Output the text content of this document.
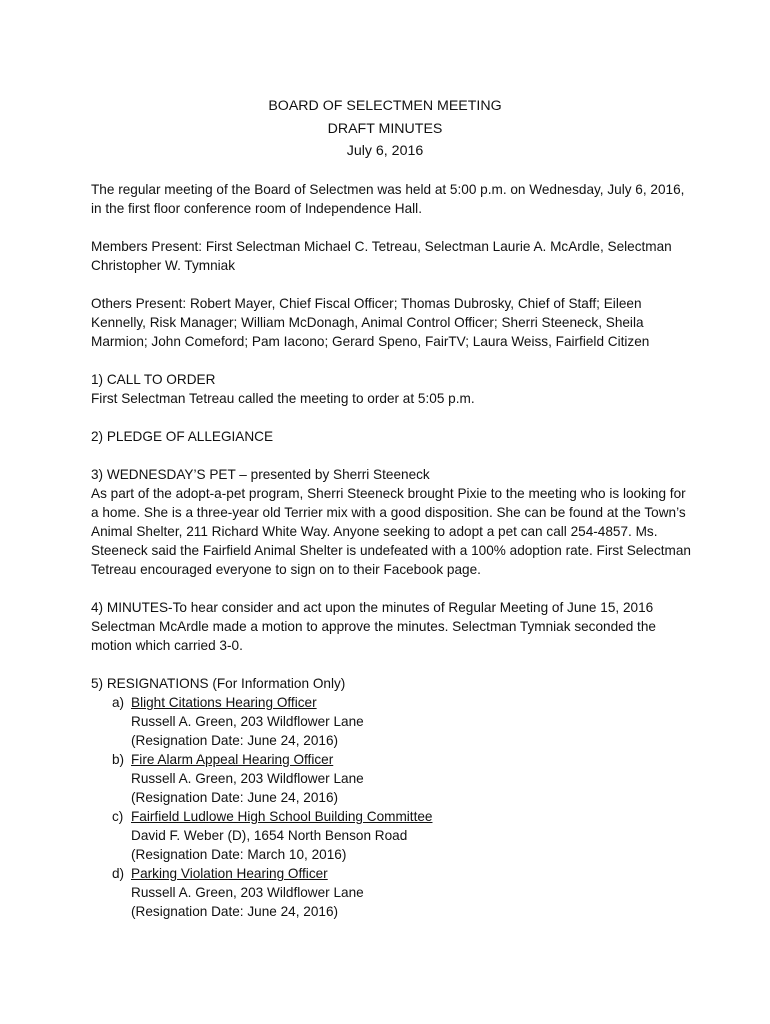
BOARD OF SELECTMEN MEETING
DRAFT MINUTES
July 6, 2016

The regular meeting of the Board of Selectmen was held at 5:00 p.m. on Wednesday, July 6, 2016, in the first floor conference room of Independence Hall.

Members Present: First Selectman Michael C. Tetreau, Selectman Laurie A. McArdle, Selectman Christopher W. Tymniak

Others Present: Robert Mayer, Chief Fiscal Officer; Thomas Dubrosky, Chief of Staff; Eileen Kennelly, Risk Manager; William McDonagh, Animal Control Officer; Sherri Steeneck, Sheila Marmion; John Comeford; Pam Iacono; Gerard Speno, FairTV; Laura Weiss, Fairfield Citizen

1) CALL TO ORDER
First Selectman Tetreau called the meeting to order at 5:05 p.m.

2) PLEDGE OF ALLEGIANCE

3) WEDNESDAY’S PET – presented by Sherri Steeneck
As part of the adopt-a-pet program, Sherri Steeneck brought Pixie to the meeting who is looking for a home. She is a three-year old Terrier mix with a good disposition. She can be found at the Town’s Animal Shelter, 211 Richard White Way. Anyone seeking to adopt a pet can call 254-4857. Ms. Steeneck said the Fairfield Animal Shelter is undefeated with a 100% adoption rate. First Selectman Tetreau encouraged everyone to sign on to their Facebook page.

4) MINUTES-To hear consider and act upon the minutes of Regular Meeting of June 15, 2016
Selectman McArdle made a motion to approve the minutes. Selectman Tymniak seconded the motion which carried 3-0.

5) RESIGNATIONS (For Information Only)
a) Blight Citations Hearing Officer
Russell A. Green, 203 Wildflower Lane
(Resignation Date: June 24, 2016)
b) Fire Alarm Appeal Hearing Officer
Russell A. Green, 203 Wildflower Lane
(Resignation Date: June 24, 2016)
c) Fairfield Ludlowe High School Building Committee
David F. Weber (D), 1654 North Benson Road
(Resignation Date: March 10, 2016)
d) Parking Violation Hearing Officer
Russell A. Green, 203 Wildflower Lane
(Resignation Date: June 24, 2016)
